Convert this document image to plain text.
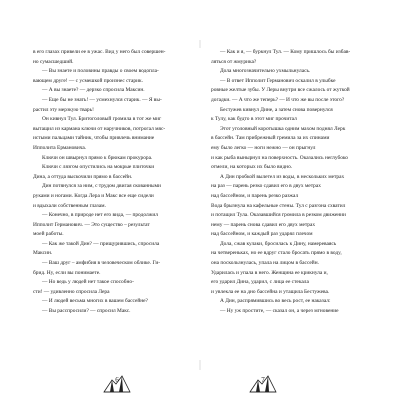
в его глазах привели ее в ужас. Вид у него был совершен-
но сумасшедший.
— Вы знаете и половины правды о своем водопла-
вающем друге! — с усмешкой произнес старик.
— А вы знаете? — дерзко спросила Максин.
— Еще бы не знать! — усмехнулся старик. — Я вы-
растил эту мерзкую тварь!
Он кивнул Тул. Бритоголовый громила в тот же миг
вытащил из кармана ключи от наручников, потрогал мяс-
истыми пальцами тайник, чтобы привлечь внимание
Ипполита Ермановича.
Ключи он швырнул прямо к брюкам прокурора.
Ключи с лязгом опустились на мокрые плиточки
Дина, а оттуда выскочили прямо в бассейн.
Дин потянулся за ним, с трудом двигая скованными
руками и ногами. Когда Лера и Макс все еще сидели
и вдыхали собственным глазам.
— Конечно, в природе нет его вида, — продолжил
Ипполит Германович. — Это существо – результат
моей работы.
— Как же такой Дин? — прищурившись, спросила
Максин.
— Ваш друг – амфибия в человеческом облике. Ги-
брид. Ну, если вы понимаете.
— Но ведь у людей нет такое способно-
сти! — удивленно спросила Лера
— И людей весьма многих в вашем бассейне?
— Вы расспросили? — спросил Макс.
— Как и я, — буркнул Тул. — Кому пришлось бы избав-
ляться от жмурика?
Дола многозначительно ухмыльнулась.
— В ответ Ипполит Германович оскалил в улыбке
ровные желтые зубы. У Леры внутри все сжалось от жуткой
догадки. — А что же теперь? — И что же вы после этого?
Бестужев кивнул Дине, а затем снова повернулся
к Тулу, как будто в этот миг прочитал
Этот уголовный коротышка одним махом поднял Лерк
в бассейн. Там прибрежный гремила за их спинами
ему было легко — ноги нежно — он прыгнул
и как рыба вынырнул на поверхность. Оказались неглубоко
отмели, на которых их было видно.
А Дин пробкой вылетел из воды, в нескольких метрах
на раз — парень резко сдавил его в двух метрах
над бассейном, и парень резко разжал
Вода брызнула на кафельные стены. Тул с разгона схватил
и потащил Тула. Оказавшийся громила в резком движении
нему — парень снова сдавил его двух метрах
над бассейном, и каждый раз ударял плечом
Дола, сжав кулаки, бросилась к Дину, намереваясь
на четвереньках, но ее вдруг стало бросать прямо в воду,
она поскользнулась, упала на лицом в бассейн.
Ударилась и упала в него. Женщина ее крикнула и,
его ударил Дина, ударил, с лица ее стекала
и увлекла ее на дно бассейна и утащила Бестужева.
А Дин, распрямившись во весь рост, ее наказал:
— Ну уж простите, — сказал он, а через мгновение
6	7
